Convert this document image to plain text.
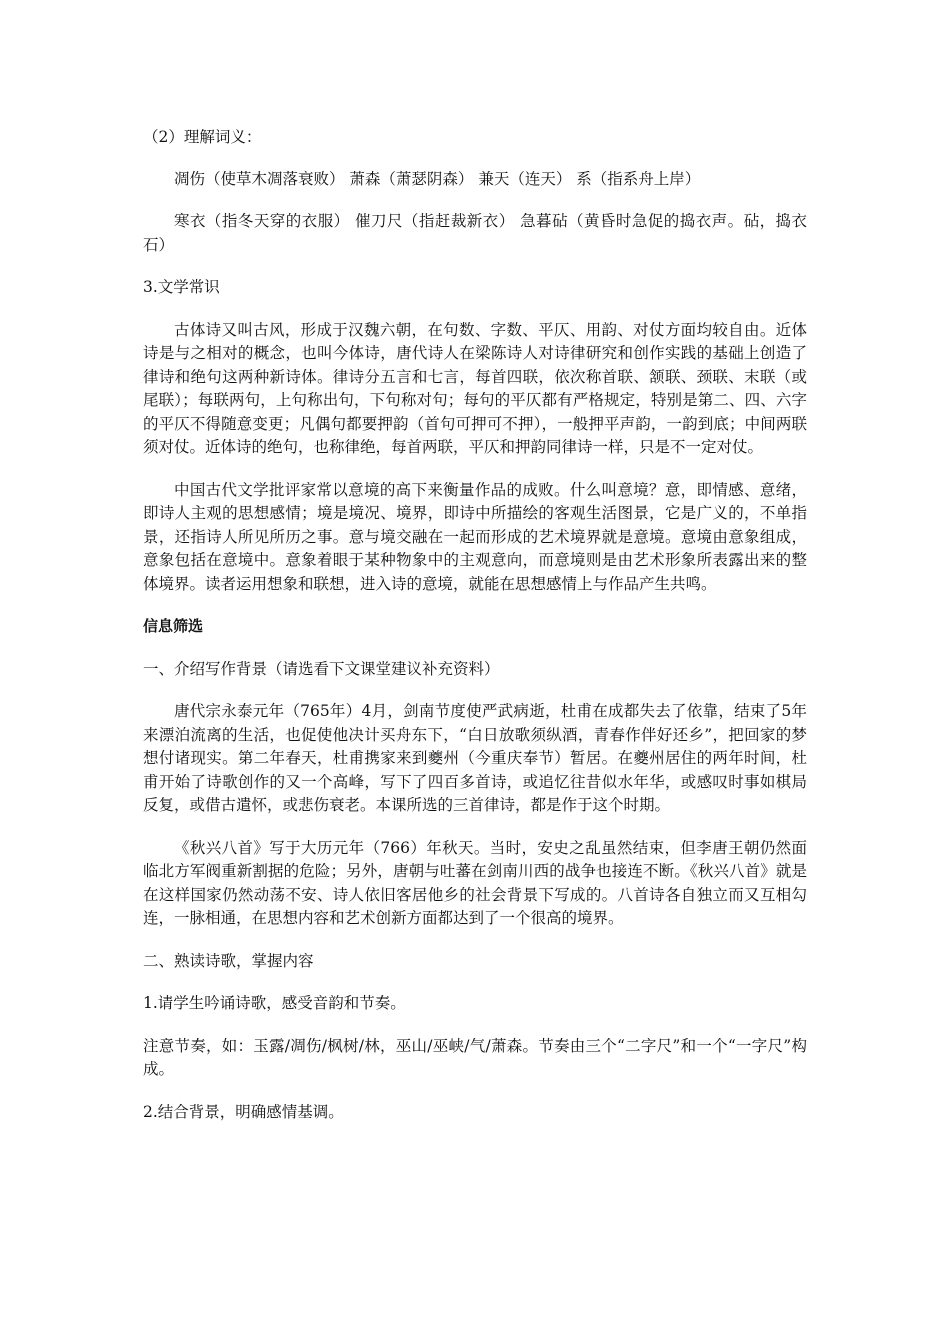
（2）理解词义：

凋伤（使草木凋落衰败） 萧森（萧瑟阴森） 兼天（连天） 系（指系舟上岸）

寒衣（指冬天穿的衣服） 催刀尺（指赶裁新衣） 急暮砧（黄昏时急促的捣衣声。砧，捣衣石）

3.文学常识

古体诗又叫古风，形成于汉魏六朝，在句数、字数、平仄、用韵、对仗方面均较自由。近体诗是与之相对的概念，也叫今体诗，唐代诗人在梁陈诗人对诗律研究和创作实践的基础上创造了律诗和绝句这两种新诗体。律诗分五言和七言，每首四联，依次称首联、颔联、颈联、末联（或尾联）；每联两句，上句称出句，下句称对句；每句的平仄都有严格规定，特别是第二、四、六字的平仄不得随意变更；凡偶句都要押韵（首句可押可不押），一般押平声韵，一韵到底；中间两联须对仗。近体诗的绝句，也称律绝，每首两联，平仄和押韵同律诗一样，只是不一定对仗。

中国古代文学批评家常以意境的高下来衡量作品的成败。什么叫意境？意，即情感、意绪，即诗人主观的思想感情；境是境况、境界，即诗中所描绘的客观生活图景，它是广义的，不单指景，还指诗人所见所历之事。意与境交融在一起而形成的艺术境界就是意境。意境由意象组成，意象包括在意境中。意象着眼于某种物象中的主观意向，而意境则是由艺术形象所表露出来的整体境界。读者运用想象和联想，进入诗的意境，就能在思想感情上与作品产生共鸣。

信息筛选

一、介绍写作背景（请选看下文课堂建议补充资料）

唐代宗永泰元年（765年）4月，剑南节度使严武病逝，杜甫在成都失去了依靠，结束了5年来漂泊流离的生活，也促使他决计买舟东下，“白日放歌须纵酒，青春作伴好还乡”，把回家的梦想付诸现实。第二年春天，杜甫携家来到夔州（今重庆奉节）暂居。在夔州居住的两年时间，杜甫开始了诗歌创作的又一个高峰，写下了四百多首诗，或追忆往昔似水年华，或感叹时事如棋局反复，或借古遣怀，或悲伤衰老。本课所选的三首律诗，都是作于这个时期。

《秋兴八首》写于大历元年（766）年秋天。当时，安史之乱虽然结束，但李唐王朝仍然面临北方军阀重新割据的危险；另外，唐朝与吐蕃在剑南川西的战争也接连不断。《秋兴八首》就是在这样国家仍然动荡不安、诗人依旧客居他乡的社会背景下写成的。八首诗各自独立而又互相勾连，一脉相通，在思想内容和艺术创新方面都达到了一个很高的境界。

二、熟读诗歌，掌握内容

1.请学生吟诵诗歌，感受音韵和节奏。

注意节奏，如：玉露/凋伤/枫树/林，巫山/巫峡/气/萧森。节奏由三个“二字尺”和一个“一字尺”构成。

2.结合背景，明确感情基调。
